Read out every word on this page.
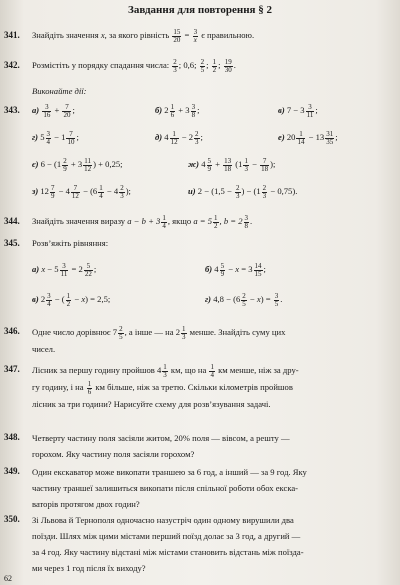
Завдання для повторення § 2
341. Знайдіть значення x, за якого рівність $\frac{15}{20} = \frac{3}{x}$ є правильною.
342. Розмістіть у порядку спадання числа: $\frac{2}{3}$ ; 0,6; $\frac{2}{5}$ ; $\frac{1}{2}$ ; $\frac{19}{30}$ .
Виконайте дії:
343. $а) \frac{3}{16} + \frac{7}{20}$ ;	б) $2 \frac{1}{6} + 3 \frac{3}{8}$ ;	в) $7 - 3 \frac{3}{11}$ ;
г) $5 \frac{3}{4} - 1 \frac{7}{10}$ ;	д) $4 \frac{1}{12} - 2 \frac{2}{3}$ ;	е) $20 \frac{1}{14} - 13 \frac{31}{35}$ ;
є) $6 - (1 \frac{2}{9} + 3 \frac{11}{12}$ ) + 0,25;	ж) $4 \frac{5}{9} + \frac{13}{18} (1 \frac{1}{3} - \frac{7}{18}$ );
з) $12 \frac{7}{9} - 4 \frac{7}{12} - (6 \frac{1}{4} - 4 \frac{2}{3}$ );	и) $2 - (1,5 - \frac{2}{3}$ ) − $(1 \frac{2}{3} - 0,75)$.
344. Знайдіть значення виразу $a - b + 3 \frac{1}{4}$ , якщо $a = 5 \frac{1}{2}$ , $b = 2 \frac{3}{8}$ .
345. Розв’яжіть рівняння:
а) $x - 5 \frac{3}{11} = 2 \frac{5}{22}$ ;	б) $4 \frac{5}{9} - x = 3 \frac{14}{15}$ ;
в) $2 \frac{3}{4}$ − ( $\frac{1}{2} - x) = 2,5$;	г) $4,8 - (6 \frac{2}{5} - x) = \frac{3}{5}$ .
346. Одне число дорівнює $7 \frac{2}{5}$ , а інше — на $2 \frac{1}{3}$ менше. Знайдіть суму цих
чисел.
347. Лісник за першу годину пройшов $4 \frac{1}{3}$ км, що на $\frac{1}{4}$ км менше, ніж за дру-
гу годину, і на $\frac{1}{6}$ км більше, ніж за третю. Скільки кілометрів пройшов
лісник за три години? Нарисуйте схему для розв’язування задачі.
348. Четверту частину поля засіяли житом, 20% поля — вівсом, а решту —
горохом. Яку частину поля засіяли горохом?
349. Один екскаватор може викопати траншею за 6 год, а інший — за 9 год. Яку
частину траншеї залишиться викопати після спільної роботи обох екска-
ваторів протягом двох годин?
350. Зі Львова й Тернополя одночасно назустріч один одному вирушили два
поїзди. Шлях між цими містами перший поїзд долає за 3 год, а другий —
за 4 год. Яку частину відстані між містами становить відстань між поїзда-
ми через 1 год після їх виходу?
62
